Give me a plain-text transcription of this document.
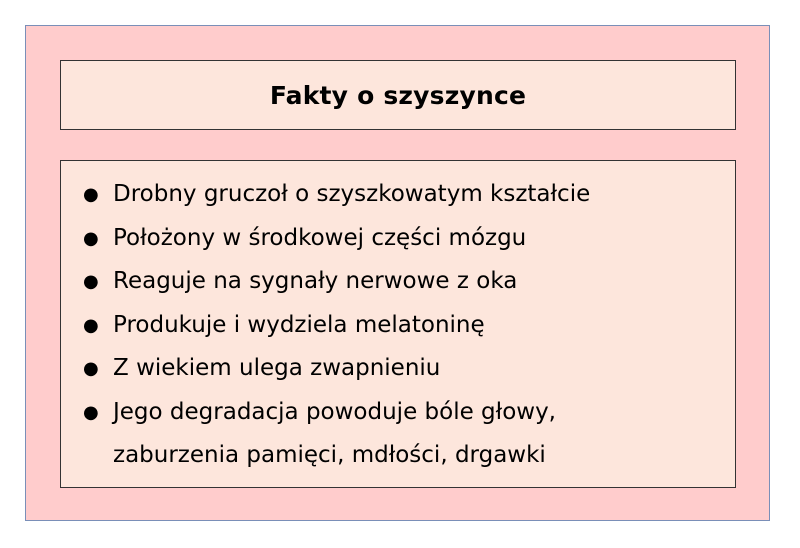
Fakty o szyszynce
● Drobny gruczoł o szyszkowatym kształcie
● Położony w środkowej części mózgu
● Reaguje na sygnały nerwowe z oka
● Produkuje i wydziela melatoninę
● Z wiekiem ulega zwapnieniu
● Jego degradacja powoduje bóle głowy,
zaburzenia pamięci, mdłości, drgawki
